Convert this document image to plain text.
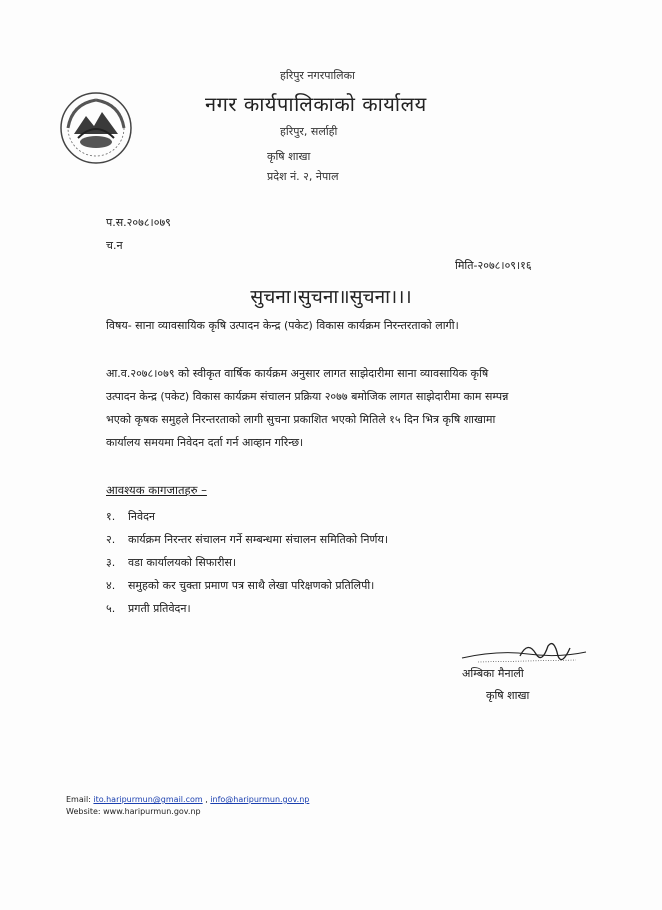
हरिपुर नगरपालिका
नगर कार्यपालिकाको कार्यालय
हरिपुर, सर्लाही
कृषि शाखा
प्रदेश नं. २, नेपाल
प.स.२०७८।०७९
च.न
मिति-२०७८।०९।१६
सुचना।सुचना॥सुचना।।।
विषय- साना व्यावसायिक कृषि उत्पादन केन्द्र (पकेट) विकास कार्यक्रम निरन्तरताको लागी।
आ.व.२०७८।०७९ को स्वीकृत वार्षिक कार्यक्रम अनुसार लागत साझेदारीमा साना व्यावसायिक कृषि
उत्पादन केन्द्र (पकेट) विकास कार्यक्रम संचालन प्रक्रिया २०७७ बमोजिक लागत साझेदारीमा काम सम्पन्न
भएको कृषक समुहले निरन्तरताको लागी सुचना प्रकाशित भएको मितिले १५ दिन भित्र कृषि शाखामा
कार्यालय समयमा निवेदन दर्ता गर्न आव्हान गरिन्छ।
आवश्यक कागजातहरु –
१. निवेदन
२. कार्यक्रम निरन्तर संचालन गर्ने सम्बन्धमा संचालन समितिको निर्णय।
३. वडा कार्यालयको सिफारीस।
४. समुहको कर चुक्ता प्रमाण पत्र साथै लेखा परिक्षणको प्रतिलिपी।
५. प्रगती प्रतिवेदन।
अम्बिका मैनाली
कृषि शाखा
Email: ito.haripurmun@gmail.com , info@haripurmun.gov.np
Website: www.haripurmun.gov.np
